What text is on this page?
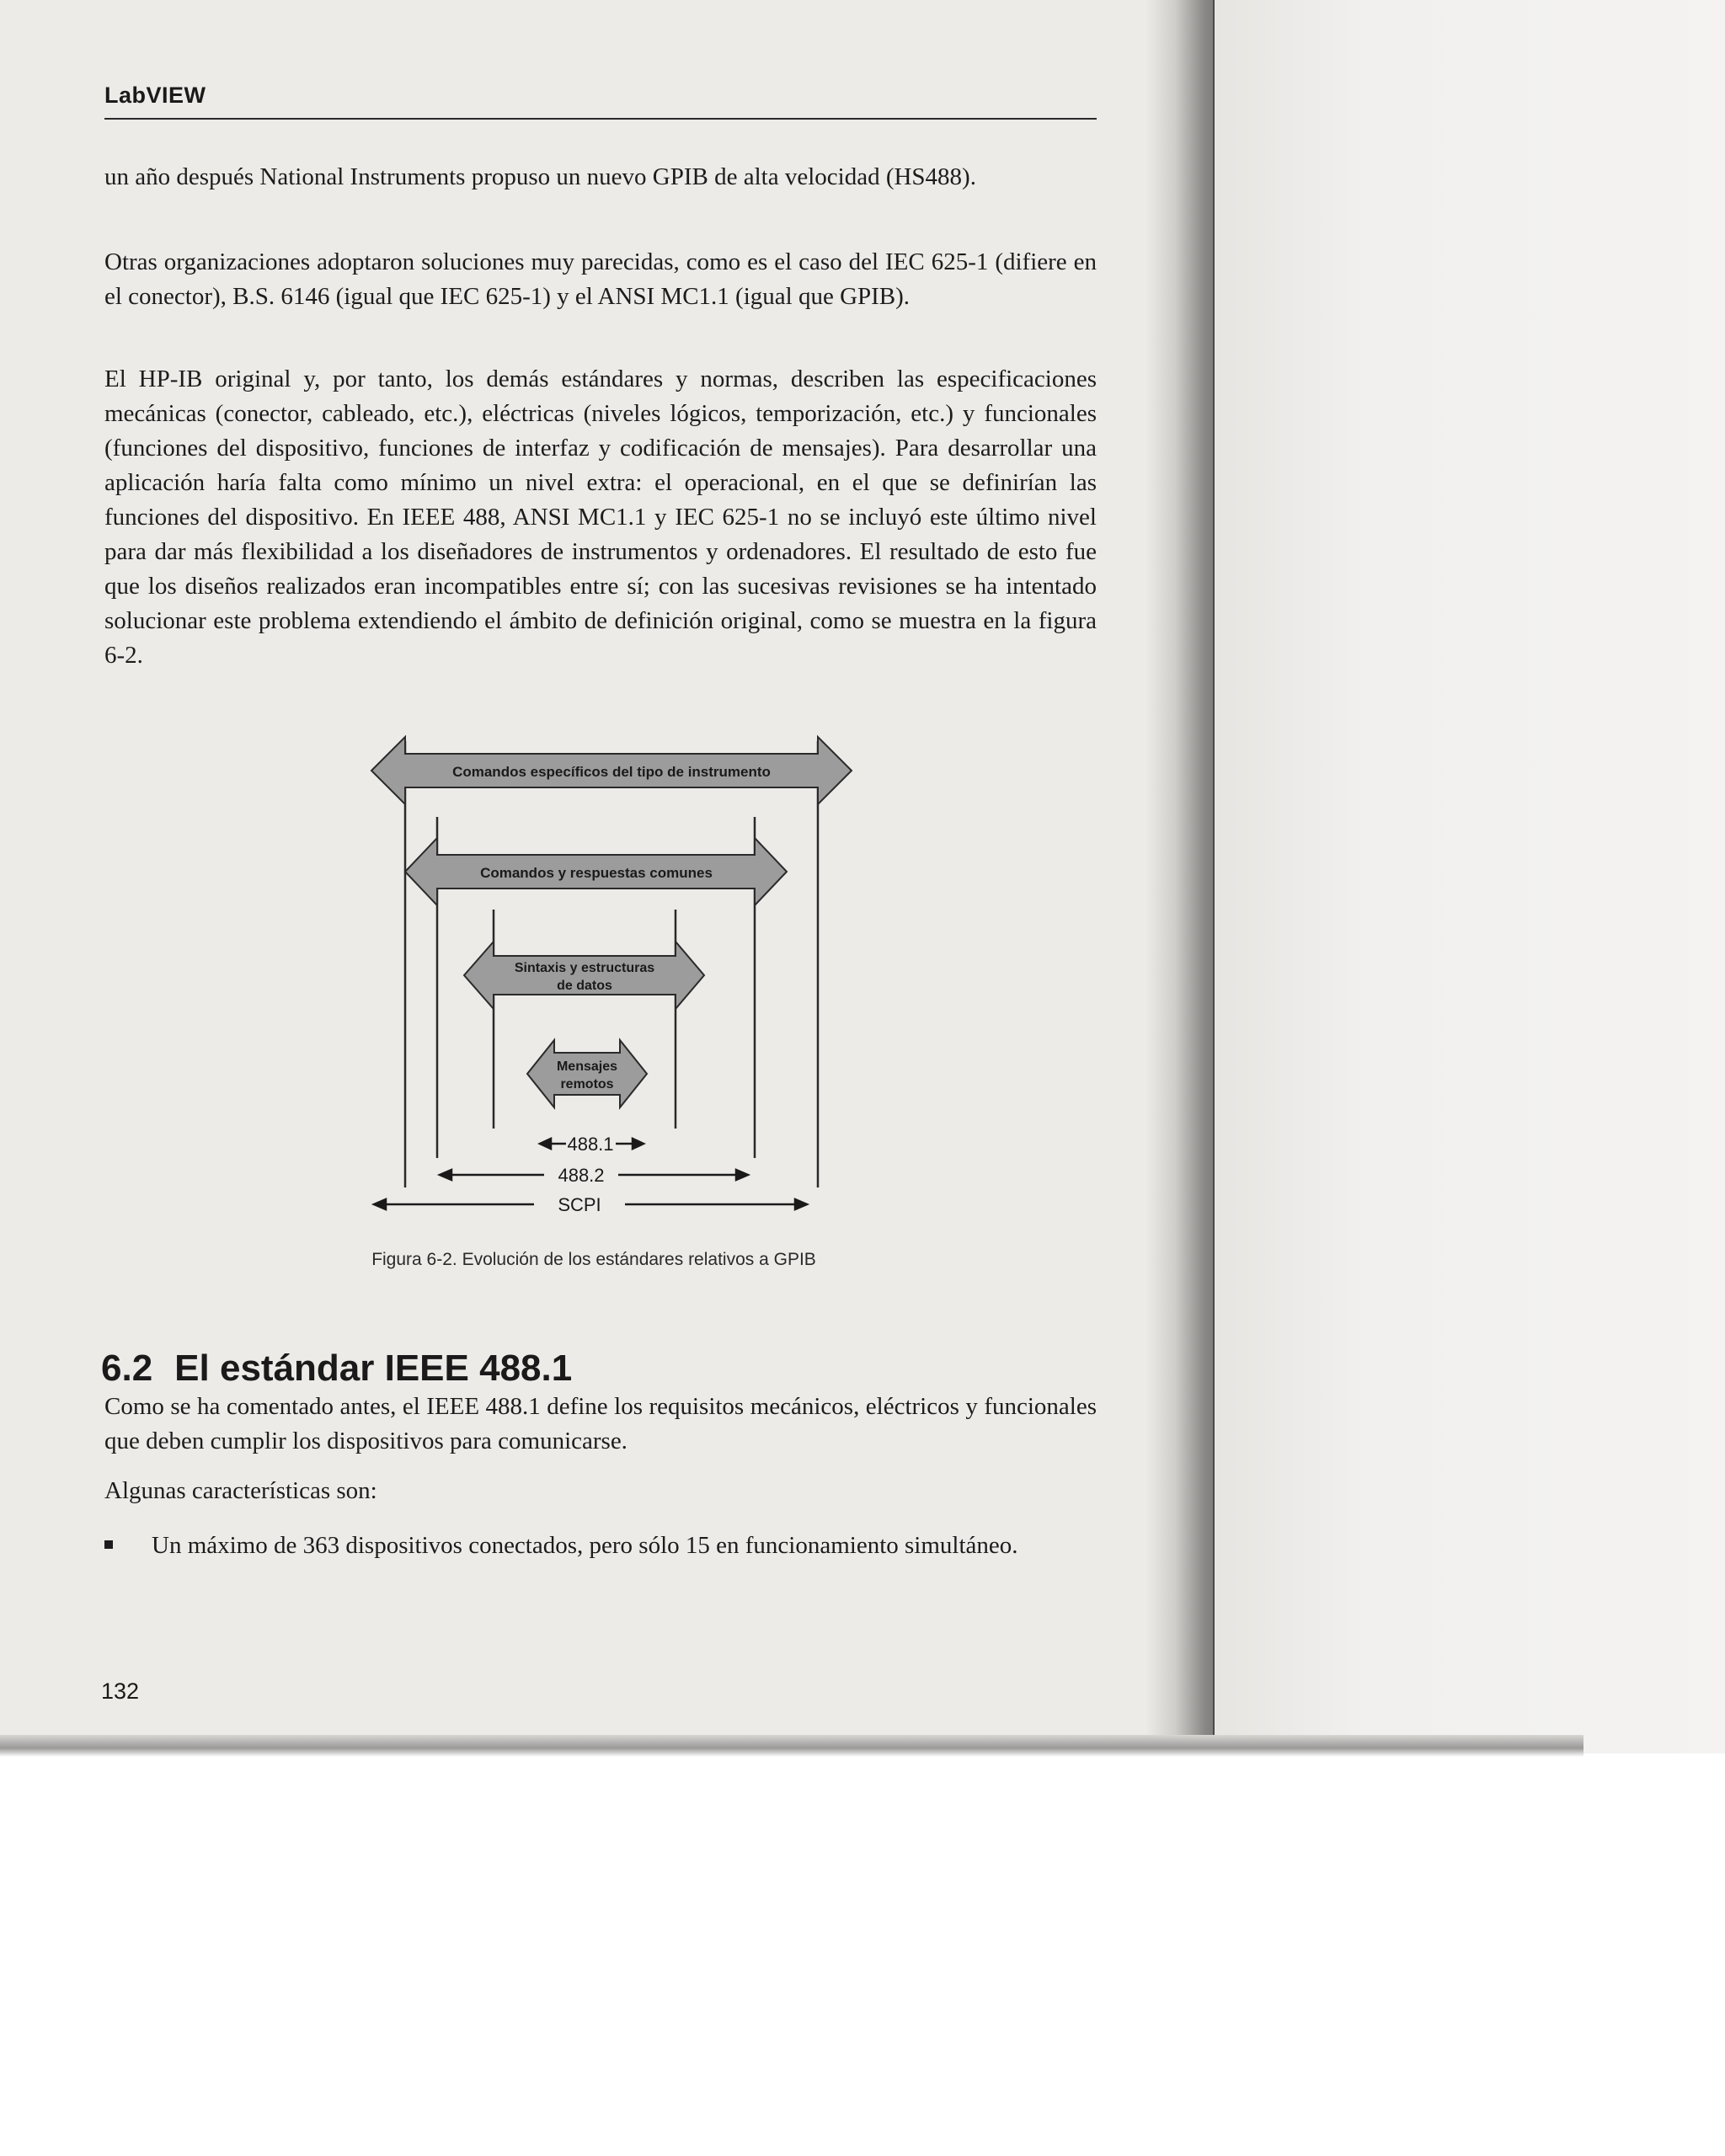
LabVIEW

un año después National Instruments propuso un nuevo GPIB de alta velocidad (HS488).

Otras organizaciones adoptaron soluciones muy parecidas, como es el caso del IEC 625-1 (difiere en el conector), B.S. 6146 (igual que IEC 625-1) y el ANSI MC1.1 (igual que GPIB).

El HP-IB original y, por tanto, los demás estándares y normas, describen las especificaciones mecánicas (conector, cableado, etc.), eléctricas (niveles lógicos, temporización, etc.) y funcionales (funciones del dispositivo, funciones de interfaz y codificación de mensajes). Para desarrollar una aplicación haría falta como mínimo un nivel extra: el operacional, en el que se definirían las funciones del dispositivo. En IEEE 488, ANSI MC1.1 y IEC 625-1 no se incluyó este último nivel para dar más flexibilidad a los diseñadores de instrumentos y ordenadores. El resultado de esto fue que los diseños realizados eran incompatibles entre sí; con las sucesivas revisiones se ha intentado solucionar este problema extendiendo el ámbito de definición original, como se muestra en la figura 6-2.

Comandos específicos del tipo de instrumento
Comandos y respuestas comunes
Sintaxis y estructuras
de datos
Mensajes
remotos
488.1
488.2
SCPI
Figura 6-2. Evolución de los estándares relativos a GPIB
6.2 El estándar IEEE 488.1

Como se ha comentado antes, el IEEE 488.1 define los requisitos mecánicos, eléctricos y funcionales que deben cumplir los dispositivos para comunicarse.

Algunas características son:

Un máximo de 363 dispositivos conectados, pero sólo 15 en funcionamiento simultáneo.
132
